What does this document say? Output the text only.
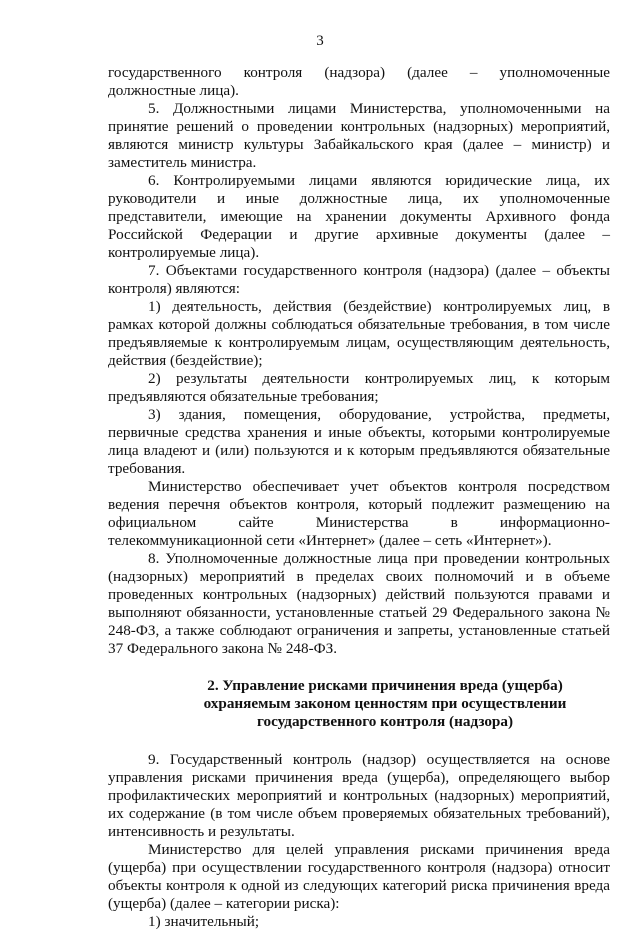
3

государственного контроля (надзора) (далее – уполномоченные должностные лица).

5. Должностными лицами Министерства, уполномоченными на принятие решений о проведении контрольных (надзорных) мероприятий, являются министр культуры Забайкальского края (далее – министр) и заместитель министра.

6. Контролируемыми лицами являются юридические лица, их руководители и иные должностные лица, их уполномоченные представители, имеющие на хранении документы Архивного фонда Российской Федерации и другие архивные документы (далее – контролируемые лица).

7. Объектами государственного контроля (надзора) (далее – объекты контроля) являются:

1) деятельность, действия (бездействие) контролируемых лиц, в рамках которой должны соблюдаться обязательные требования, в том числе предъявляемые к контролируемым лицам, осуществляющим деятельность, действия (бездействие);

2) результаты деятельности контролируемых лиц, к которым предъявляются обязательные требования;

3) здания, помещения, оборудование, устройства, предметы, первичные средства хранения и иные объекты, которыми контролируемые лица владеют и (или) пользуются и к которым предъявляются обязательные требования.

Министерство обеспечивает учет объектов контроля посредством ведения перечня объектов контроля, который подлежит размещению на официальном сайте Министерства в информационно-телекоммуникационной сети «Интернет» (далее – сеть «Интернет»).

8. Уполномоченные должностные лица при проведении контрольных (надзорных) мероприятий в пределах своих полномочий и в объеме проведенных контрольных (надзорных) действий пользуются правами и выполняют обязанности, установленные статьей 29 Федерального закона № 248-ФЗ, а также соблюдают ограничения и запреты, установленные статьей 37 Федерального закона № 248-ФЗ.

2. Управление рисками причинения вреда (ущерба)
охраняемым законом ценностям при осуществлении
государственного контроля (надзора)

9. Государственный контроль (надзор) осуществляется на основе управления рисками причинения вреда (ущерба), определяющего выбор профилактических мероприятий и контрольных (надзорных) мероприятий, их содержание (в том числе объем проверяемых обязательных требований), интенсивность и результаты.

Министерство для целей управления рисками причинения вреда (ущерба) при осуществлении государственного контроля (надзора) относит объекты контроля к одной из следующих категорий риска причинения вреда (ущерба) (далее – категории риска):

1) значительный;
